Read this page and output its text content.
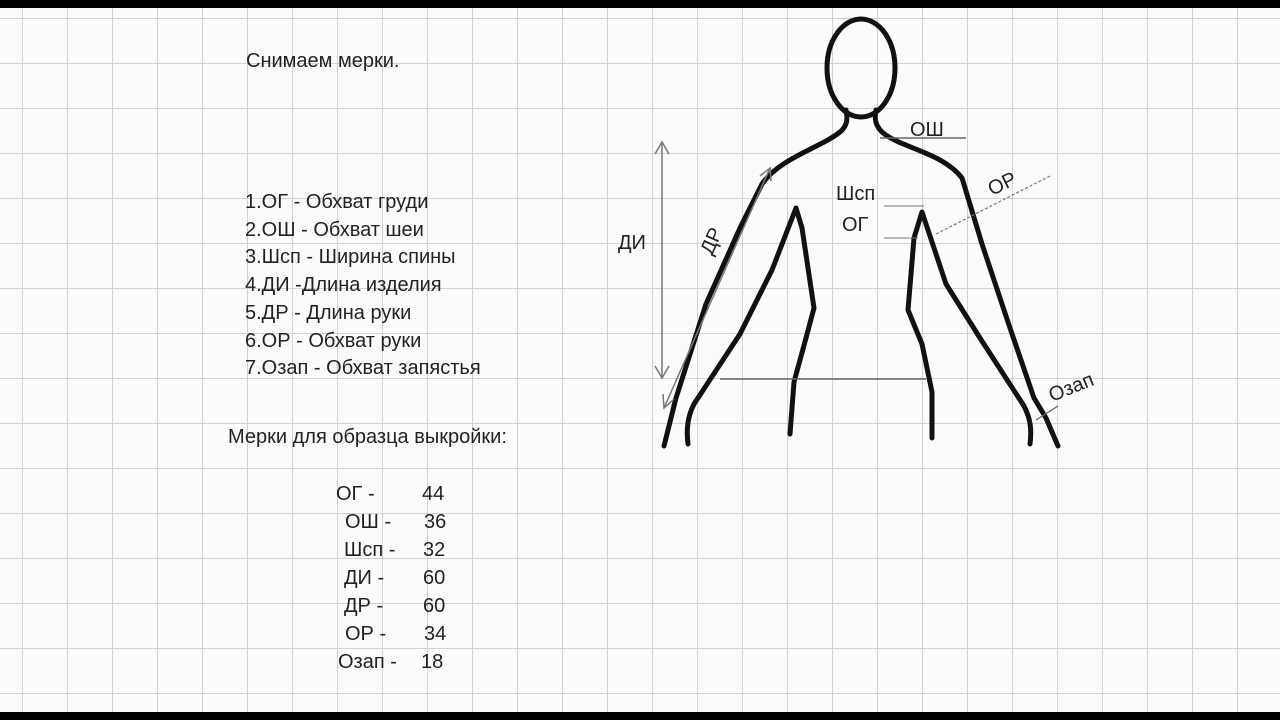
Снимаем мерки.
1.ОГ - Обхват груди
2.ОШ - Обхват шеи
3.Шсп - Ширина спины
4.ДИ -Длина изделия
5.ДР - Длина руки
6.ОР - Обхват руки
7.Озап - Обхват запястья
Мерки для образца выкройки:
ОГ - 44
ОШ - 36
Шсп - 32
ДИ - 60
ДР - 60
ОР - 34
Озап - 18
ОШ
ОР
Шсп
ОГ
ДИ	ДР
Озап
